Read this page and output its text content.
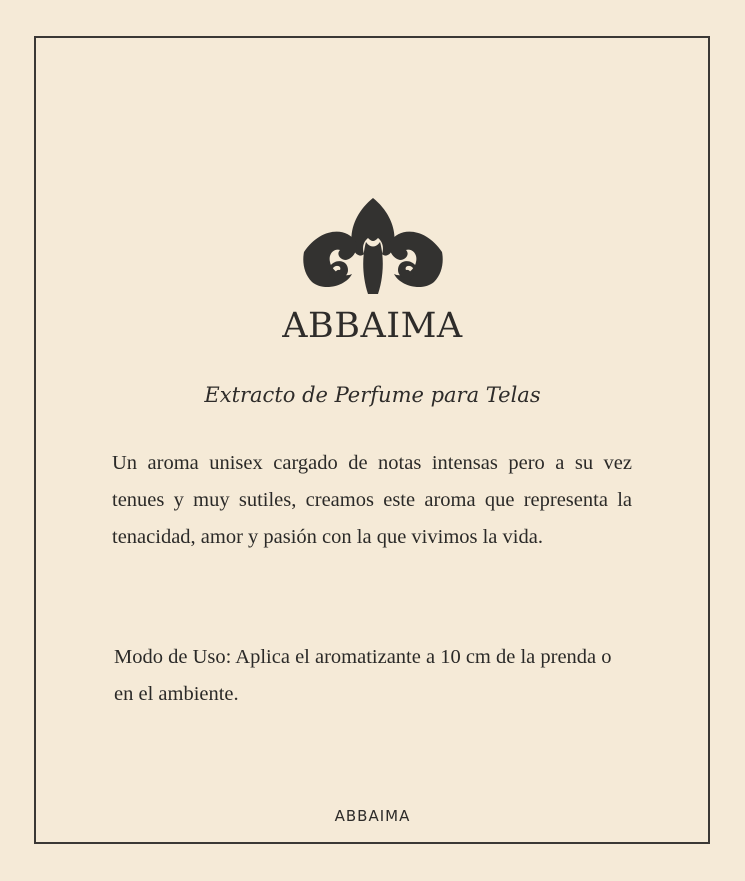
ABBAIMA
Extracto de Perfume para Telas

Un aroma unisex cargado de notas intensas pero a su vez tenues y muy sutiles, creamos este aroma que representa la tenacidad, amor y pasión con la que vivimos la vida.

Modo de Uso: Aplica el aromatizante a 10 cm de la prenda o en el ambiente.

ABBAIMA
